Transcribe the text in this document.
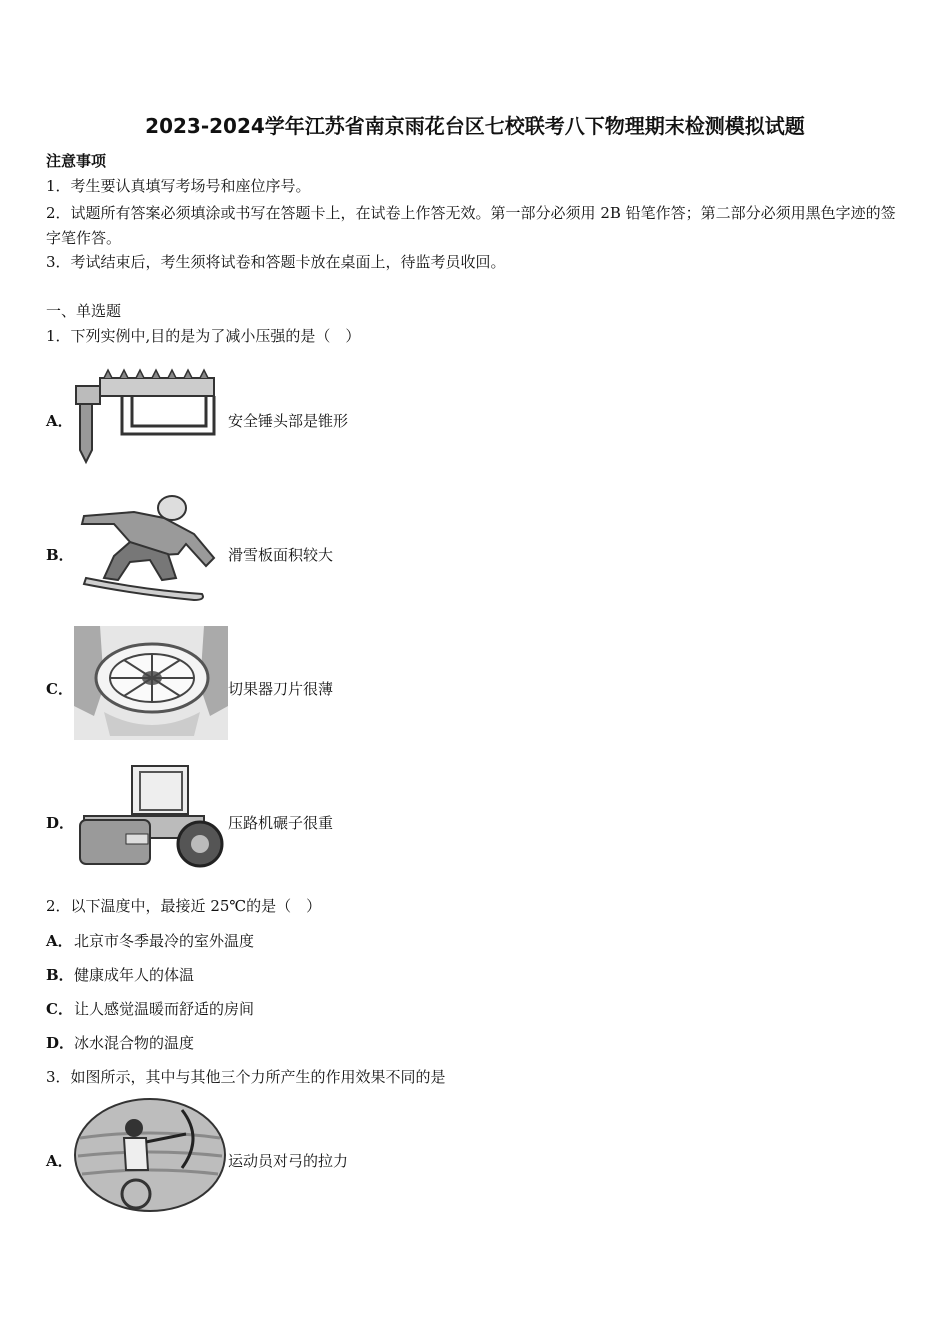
2023-2024学年江苏省南京雨花台区七校联考八下物理期末检测模拟试题
注意事项
1．考生要认真填写考场号和座位序号。
2．试题所有答案必须填涂或书写在答题卡上，在试卷上作答无效。第一部分必须用 2B 铅笔作答；第二部分必须用黑色字迹的签字笔作答。
3．考试结束后，考生须将试卷和答题卡放在桌面上，待监考员收回。
一、单选题
1．下列实例中,目的是为了减小压强的是（　）
A．	安全锤头部是锥形
B．	滑雪板面积较大
C．	切果器刀片很薄
D．	压路机碾子很重
2．以下温度中，最接近 25℃的是（　）
A． 北京市冬季最冷的室外温度
B． 健康成年人的体温
C． 让人感觉温暖而舒适的房间
D． 冰水混合物的温度
3．如图所示，其中与其他三个力所产生的作用效果不同的是
A．	运动员对弓的拉力
